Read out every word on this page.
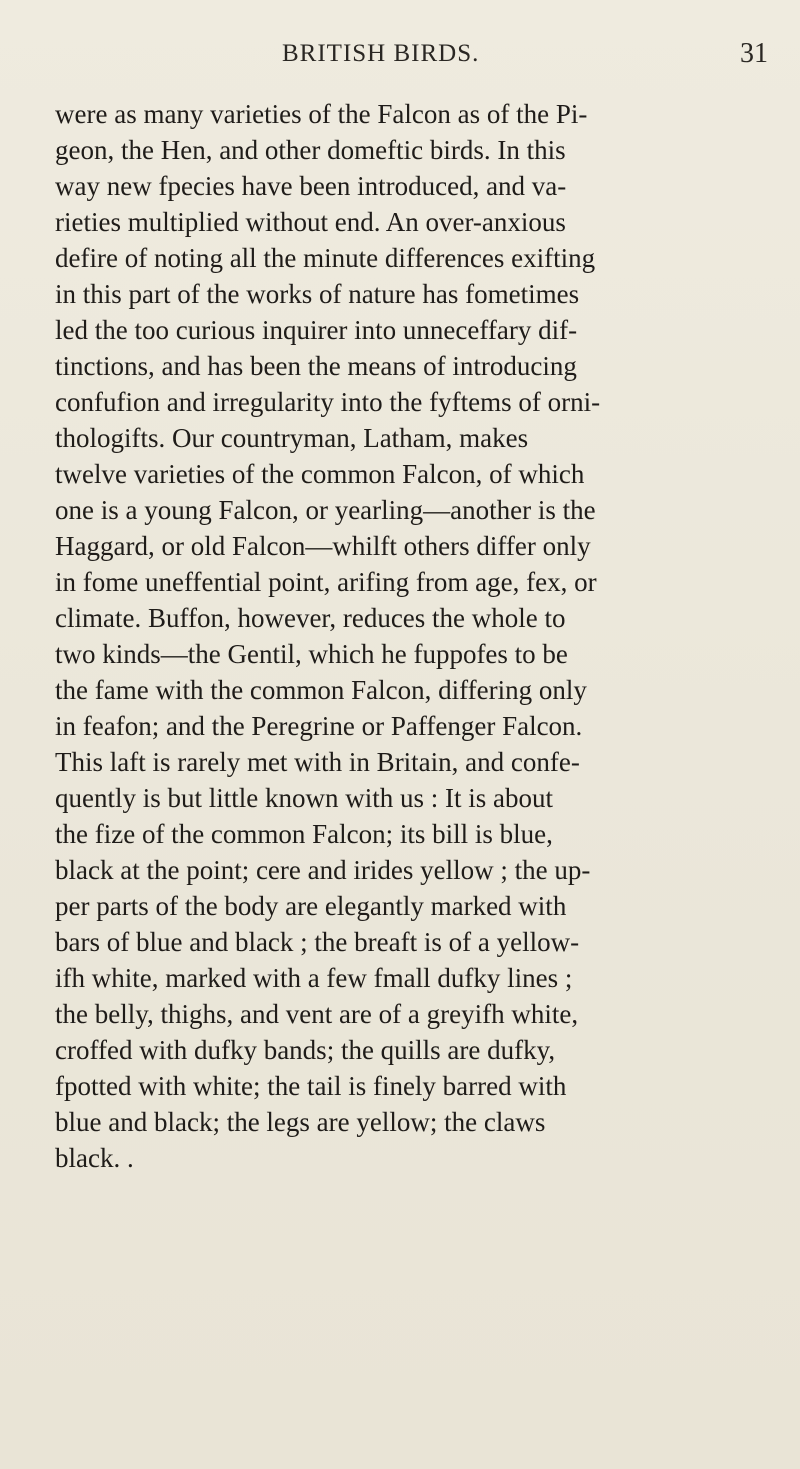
BRITISH BIRDS.	31
were as many varieties of the Falcon as of the Pi-
geon, the Hen, and other domeftic birds. In this
way new fpecies have been introduced, and va-
rieties multiplied without end. An over-anxious
defire of noting all the minute differences exifting
in this part of the works of nature has fometimes
led the too curious inquirer into unneceffary dif-
tinctions, and has been the means of introducing
confufion and irregularity into the fyftems of orni-
thologifts. Our countryman, Latham, makes
twelve varieties of the common Falcon, of which
one is a young Falcon, or yearling—another is the
Haggard, or old Falcon—whilft others differ only
in fome uneffential point, arifing from age, fex, or
climate. Buffon, however, reduces the whole to
two kinds—the Gentil, which he fuppofes to be
the fame with the common Falcon, differing only
in feafon; and the Peregrine or Paffenger Falcon.
This laft is rarely met with in Britain, and confe-
quently is but little known with us : It is about
the fize of the common Falcon; its bill is blue,
black at the point; cere and irides yellow ; the up-
per parts of the body are elegantly marked with
bars of blue and black ; the breaft is of a yellow-
ifh white, marked with a few fmall dufky lines ;
the belly, thighs, and vent are of a greyifh white,
croffed with dufky bands; the quills are dufky,
fpotted with white; the tail is finely barred with
blue and black; the legs are yellow; the claws
black. .
